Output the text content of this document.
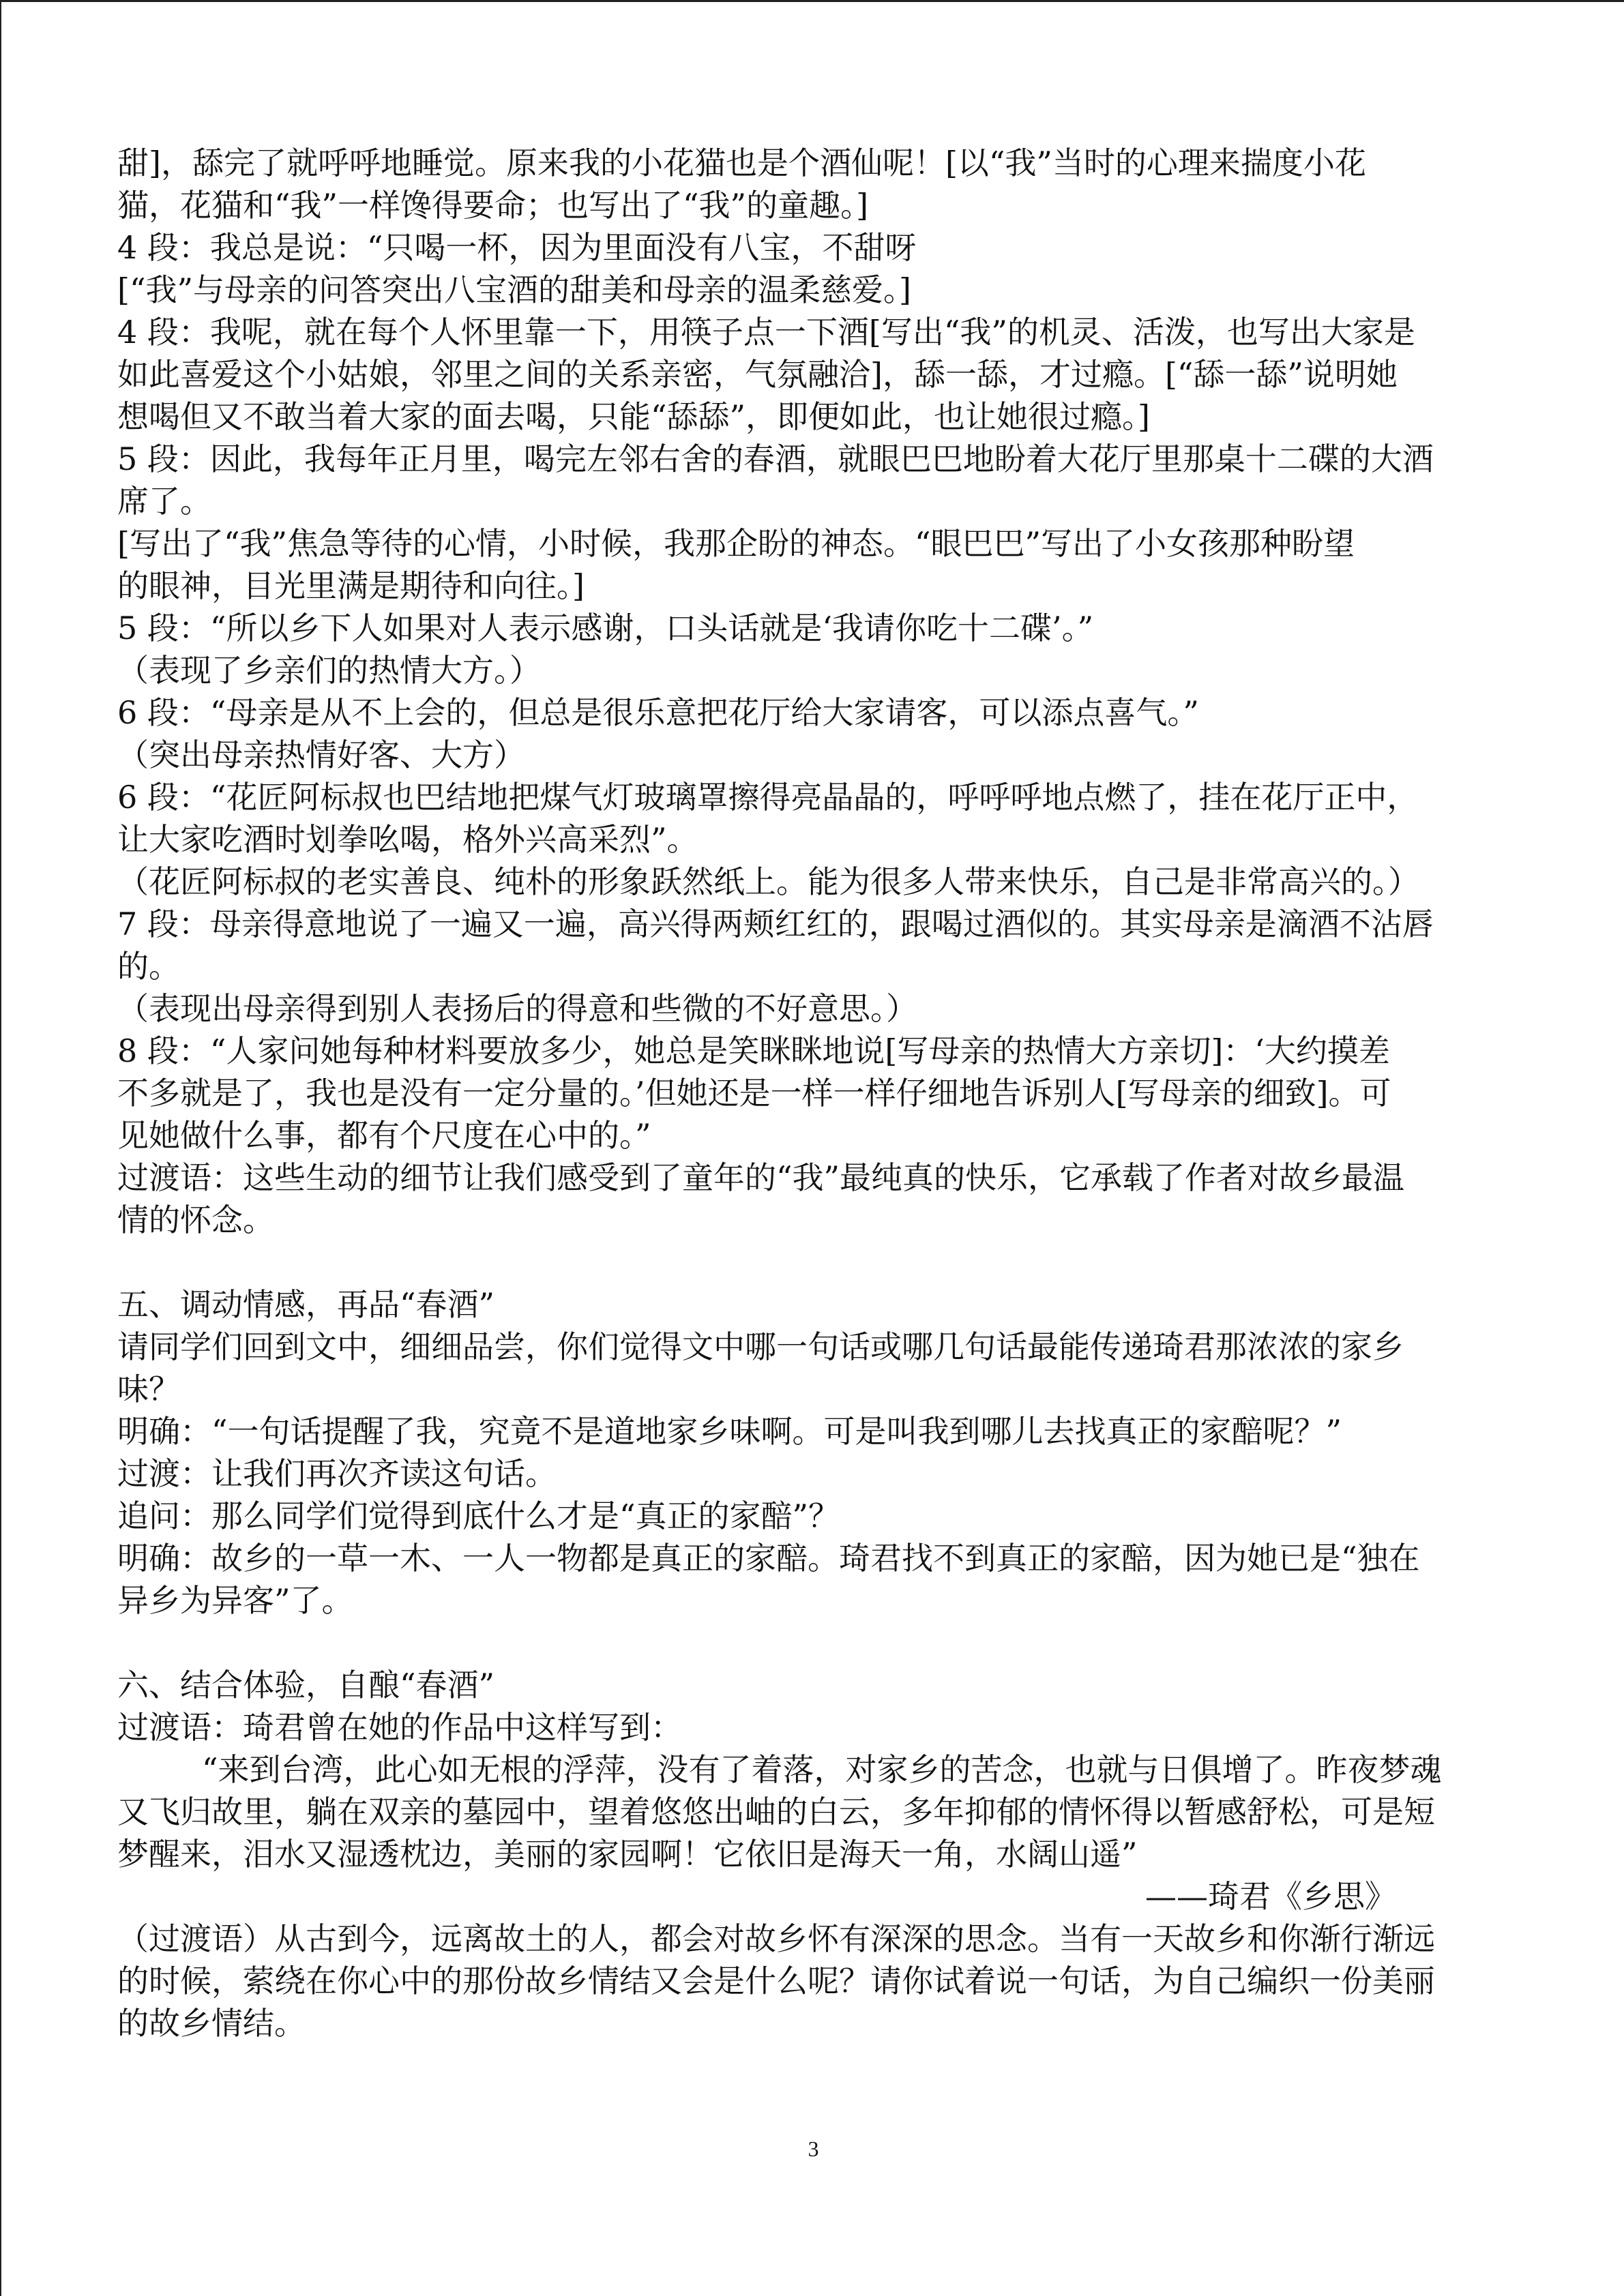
甜]，舔完了就呼呼地睡觉。原来我的小花猫也是个酒仙呢！[以“我”当时的心理来揣度小花

猫，花猫和“我”一样馋得要命；也写出了“我”的童趣。]

4 段：我总是说：“只喝一杯，因为里面没有八宝，不甜呀

[“我”与母亲的问答突出八宝酒的甜美和母亲的温柔慈爱。]

4 段：我呢，就在每个人怀里靠一下，用筷子点一下酒[写出“我”的机灵、活泼，也写出大家是

如此喜爱这个小姑娘，邻里之间的关系亲密，气氛融洽]，舔一舔，才过瘾。[“舔一舔”说明她

想喝但又不敢当着大家的面去喝，只能“舔舔”，即便如此，也让她很过瘾。]

5 段：因此，我每年正月里，喝完左邻右舍的春酒，就眼巴巴地盼着大花厅里那桌十二碟的大酒

席了。

[写出了“我”焦急等待的心情，小时候，我那企盼的神态。“眼巴巴”写出了小女孩那种盼望

的眼神，目光里满是期待和向往。]

5 段：“所以乡下人如果对人表示感谢，口头话就是‘我请你吃十二碟’。”

（表现了乡亲们的热情大方。）

6 段：“母亲是从不上会的，但总是很乐意把花厅给大家请客，可以添点喜气。”

（突出母亲热情好客、大方）

6 段：“花匠阿标叔也巴结地把煤气灯玻璃罩擦得亮晶晶的，呼呼呼地点燃了，挂在花厅正中，

让大家吃酒时划拳吆喝，格外兴高采烈”。

（花匠阿标叔的老实善良、纯朴的形象跃然纸上。能为很多人带来快乐，自己是非常高兴的。）

7 段：母亲得意地说了一遍又一遍，高兴得两颊红红的，跟喝过酒似的。其实母亲是滴酒不沾唇

的。

（表现出母亲得到别人表扬后的得意和些微的不好意思。）

8 段：“人家问她每种材料要放多少，她总是笑眯眯地说[写母亲的热情大方亲切]：‘大约摸差

不多就是了，我也是没有一定分量的。’但她还是一样一样仔细地告诉别人[写母亲的细致]。可

见她做什么事，都有个尺度在心中的。”

过渡语：这些生动的细节让我们感受到了童年的“我”最纯真的快乐，它承载了作者对故乡最温

情的怀念。

五、调动情感，再品“春酒”

请同学们回到文中，细细品尝，你们觉得文中哪一句话或哪几句话最能传递琦君那浓浓的家乡

味？

明确：“一句话提醒了我，究竟不是道地家乡味啊。可是叫我到哪儿去找真正的家醅呢？”

过渡：让我们再次齐读这句话。

追问：那么同学们觉得到底什么才是“真正的家醅”？

明确：故乡的一草一木、一人一物都是真正的家醅。琦君找不到真正的家醅，因为她已是“独在

异乡为异客”了。

六、结合体验，自酿“春酒”

过渡语：琦君曾在她的作品中这样写到：

“来到台湾，此心如无根的浮萍，没有了着落，对家乡的苦念，也就与日俱增了。昨夜梦魂

又飞归故里，躺在双亲的墓园中，望着悠悠出岫的白云，多年抑郁的情怀得以暂感舒松，可是短

梦醒来，泪水又湿透枕边，美丽的家园啊！它依旧是海天一角，水阔山遥”

——琦君《乡思》

（过渡语）从古到今，远离故土的人，都会对故乡怀有深深的思念。当有一天故乡和你渐行渐远

的时候，萦绕在你心中的那份故乡情结又会是什么呢？请你试着说一句话，为自己编织一份美丽

的故乡情结。

3
